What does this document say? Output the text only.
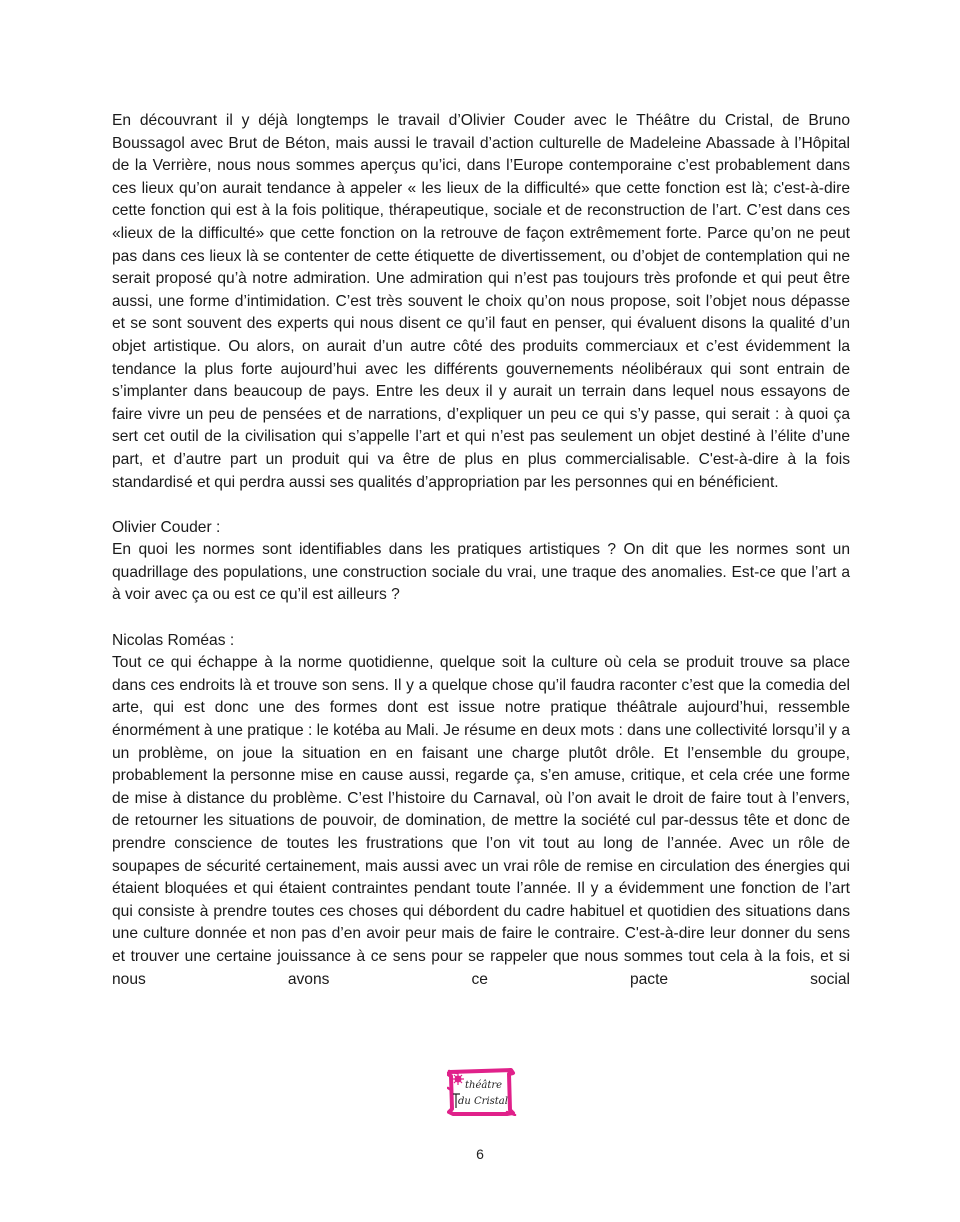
En découvrant il y déjà longtemps le travail d’Olivier Couder avec le Théâtre du Cristal, de Bruno Boussagol avec Brut de Béton, mais aussi le travail d’action culturelle de Madeleine Abassade à l’Hôpital de la Verrière, nous nous sommes aperçus qu’ici, dans l’Europe contemporaine c’est probablement dans ces lieux qu’on aurait tendance à appeler « les lieux de la difficulté» que cette fonction est là; c'est-à-dire cette fonction qui est à la fois politique, thérapeutique, sociale et de reconstruction de l’art. C’est dans ces «lieux de la difficulté» que cette fonction on la retrouve de façon extrêmement forte. Parce qu’on ne peut pas dans ces lieux là se contenter de cette étiquette de divertissement, ou d’objet de contemplation qui ne serait proposé qu’à notre admiration. Une admiration qui n’est pas toujours très profonde et qui peut être aussi, une forme d’intimidation. C’est très souvent le choix qu’on nous propose, soit l’objet nous dépasse et se sont souvent des experts qui nous disent ce qu’il faut en penser, qui évaluent disons la qualité d’un objet artistique. Ou alors, on aurait d’un autre côté des produits commerciaux et c’est évidemment la tendance la plus forte aujourd’hui avec les différents gouvernements néolibéraux qui sont entrain de s’implanter dans beaucoup de pays. Entre les deux il y aurait un terrain dans lequel nous essayons de faire vivre un peu de pensées et de narrations, d’expliquer un peu ce qui s’y passe, qui serait : à quoi ça sert cet outil de la civilisation qui s’appelle l’art et qui n’est pas seulement un objet destiné à l’élite d’une part, et d’autre part un produit qui va être de plus en plus commercialisable. C'est-à-dire à la fois standardisé et qui perdra aussi ses qualités d’appropriation par les personnes qui en bénéficient.

Olivier Couder :

En quoi les normes sont identifiables dans les pratiques artistiques ? On dit que les normes sont un quadrillage des populations, une construction sociale du vrai, une traque des anomalies. Est-ce que l’art a à voir avec ça ou est ce qu’il est ailleurs ?

Nicolas Roméas :

Tout ce qui échappe à la norme quotidienne, quelque soit la culture où cela se produit trouve sa place dans ces endroits là et trouve son sens. Il y a quelque chose qu’il faudra raconter c’est que la comedia del arte, qui est donc une des formes dont est issue notre pratique théâtrale aujourd’hui, ressemble énormément à une pratique : le kotéba au Mali. Je résume en deux mots : dans une collectivité lorsqu’il y a un problème, on joue la situation en en faisant une charge plutôt drôle. Et l’ensemble du groupe, probablement la personne mise en cause aussi, regarde ça, s’en amuse, critique, et cela crée une forme de mise à distance du problème. C’est l’histoire du Carnaval, où l’on avait le droit de faire tout à l’envers, de retourner les situations de pouvoir, de domination, de mettre la société cul par-dessus tête et donc de prendre conscience de toutes les frustrations que l’on vit tout au long de l’année. Avec un rôle de soupapes de sécurité certainement, mais aussi avec un vrai rôle de remise en circulation des énergies qui étaient bloquées et qui étaient contraintes pendant toute l’année. Il y a évidemment une fonction de l’art qui consiste à prendre toutes ces choses qui débordent du cadre habituel et quotidien des situations dans une culture donnée et non pas d’en avoir peur mais de faire le contraire. C'est-à-dire leur donner du sens et trouver une certaine jouissance à ce sens pour se rappeler que nous sommes tout cela à la fois, et si nous avons ce pacte social

théâtre
du Cristal
6
